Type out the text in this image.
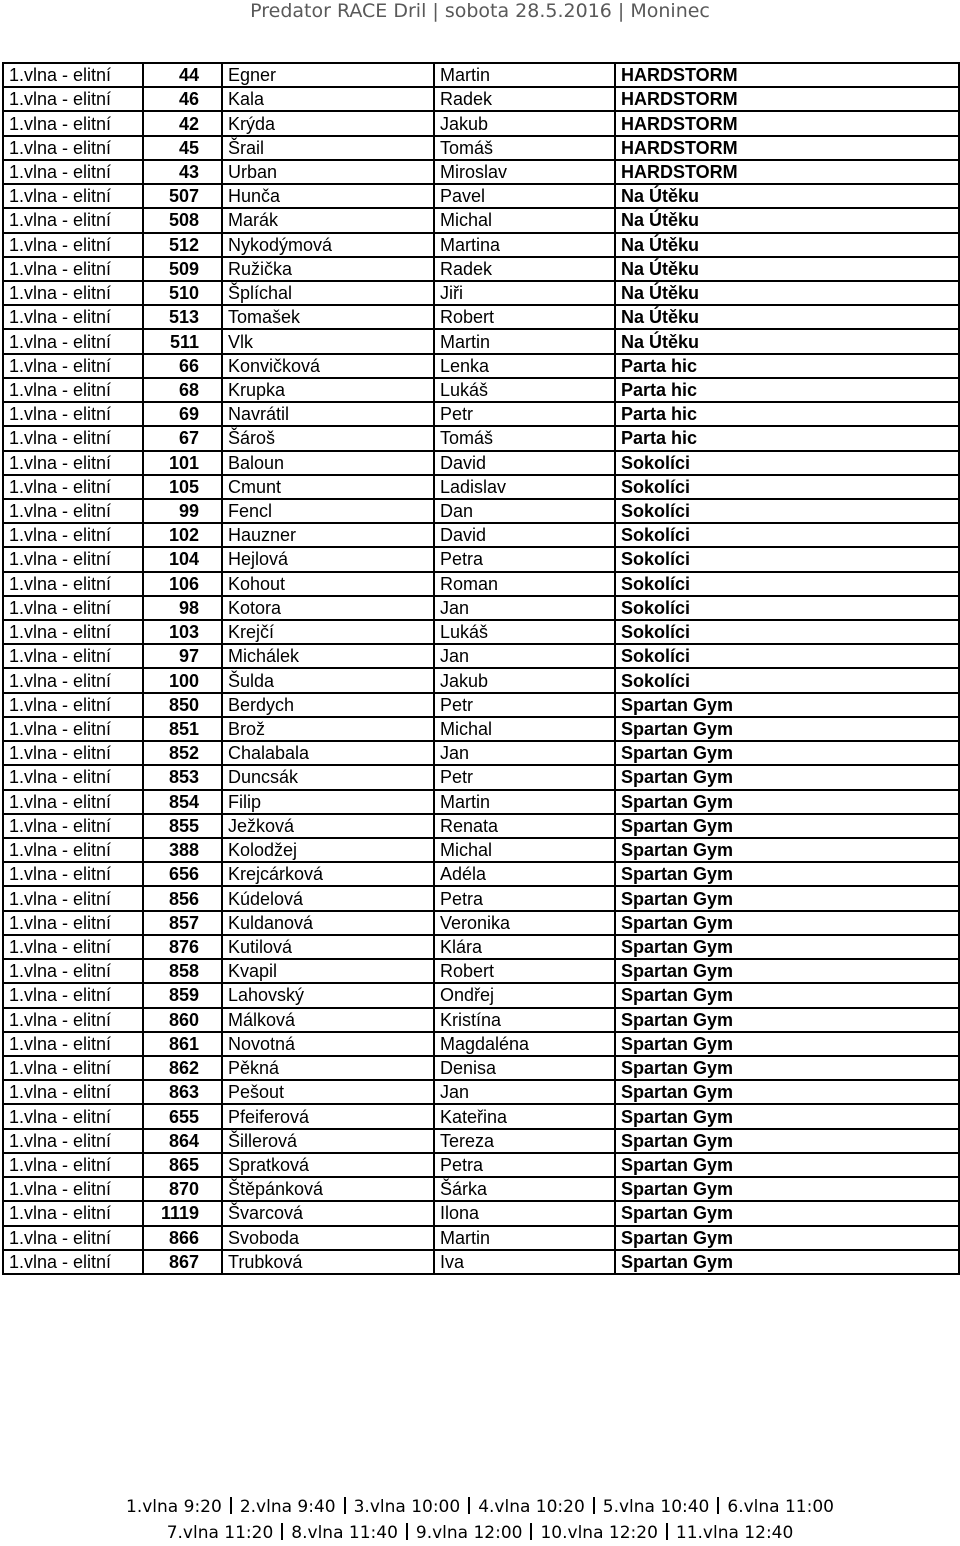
Predator RACE Dril | sobota 28.5.2016 | Moninec
1.vlna - elitní	44	Egner	Martin	HARDSTORM
1.vlna - elitní	46	Kala	Radek	HARDSTORM
1.vlna - elitní	42	Krýda	Jakub	HARDSTORM
1.vlna - elitní	45	Šrail	Tomáš	HARDSTORM
1.vlna - elitní	43	Urban	Miroslav	HARDSTORM
1.vlna - elitní	507	Hunča	Pavel	Na Útěku
1.vlna - elitní	508	Marák	Michal	Na Útěku
1.vlna - elitní	512	Nykodýmová	Martina	Na Útěku
1.vlna - elitní	509	Ružička	Radek	Na Útěku
1.vlna - elitní	510	Šplíchal	Jiři	Na Útěku
1.vlna - elitní	513	Tomašek	Robert	Na Útěku
1.vlna - elitní	511	Vlk	Martin	Na Útěku
1.vlna - elitní	66	Konvičková	Lenka	Parta hic
1.vlna - elitní	68	Krupka	Lukáš	Parta hic
1.vlna - elitní	69	Navrátil	Petr	Parta hic
1.vlna - elitní	67	Šároš	Tomáš	Parta hic
1.vlna - elitní	101	Baloun	David	Sokolíci
1.vlna - elitní	105	Cmunt	Ladislav	Sokolíci
1.vlna - elitní	99	Fencl	Dan	Sokolíci
1.vlna - elitní	102	Hauzner	David	Sokolíci
1.vlna - elitní	104	Hejlová	Petra	Sokolíci
1.vlna - elitní	106	Kohout	Roman	Sokolíci
1.vlna - elitní	98	Kotora	Jan	Sokolíci
1.vlna - elitní	103	Krejčí	Lukáš	Sokolíci
1.vlna - elitní	97	Michálek	Jan	Sokolíci
1.vlna - elitní	100	Šulda	Jakub	Sokolíci
1.vlna - elitní	850	Berdych	Petr	Spartan Gym
1.vlna - elitní	851	Brož	Michal	Spartan Gym
1.vlna - elitní	852	Chalabala	Jan	Spartan Gym
1.vlna - elitní	853	Duncsák	Petr	Spartan Gym
1.vlna - elitní	854	Filip	Martin	Spartan Gym
1.vlna - elitní	855	Ježková	Renata	Spartan Gym
1.vlna - elitní	388	Kolodžej	Michal	Spartan Gym
1.vlna - elitní	656	Krejcárková	Adéla	Spartan Gym
1.vlna - elitní	856	Kúdelová	Petra	Spartan Gym
1.vlna - elitní	857	Kuldanová	Veronika	Spartan Gym
1.vlna - elitní	876	Kutilová	Klára	Spartan Gym
1.vlna - elitní	858	Kvapil	Robert	Spartan Gym
1.vlna - elitní	859	Lahovský	Ondřej	Spartan Gym
1.vlna - elitní	860	Málková	Kristína	Spartan Gym
1.vlna - elitní	861	Novotná	Magdaléna	Spartan Gym
1.vlna - elitní	862	Pěkná	Denisa	Spartan Gym
1.vlna - elitní	863	Pešout	Jan	Spartan Gym
1.vlna - elitní	655	Pfeiferová	Kateřina	Spartan Gym
1.vlna - elitní	864	Šillerová	Tereza	Spartan Gym
1.vlna - elitní	865	Spratková	Petra	Spartan Gym
1.vlna - elitní	870	Štěpánková	Šárka	Spartan Gym
1.vlna - elitní	1119	Švarcová	Ilona	Spartan Gym
1.vlna - elitní	866	Svoboda	Martin	Spartan Gym
1.vlna - elitní	867	Trubková	Iva	Spartan Gym
1.vlna 9:20 2.vlna 9:40 3.vlna 10:00 4.vlna 10:20 5.vlna 10:40 6.vlna 11:00
7.vlna 11:20 8.vlna 11:40 9.vlna 12:00 10.vlna 12:20 11.vlna 12:40
